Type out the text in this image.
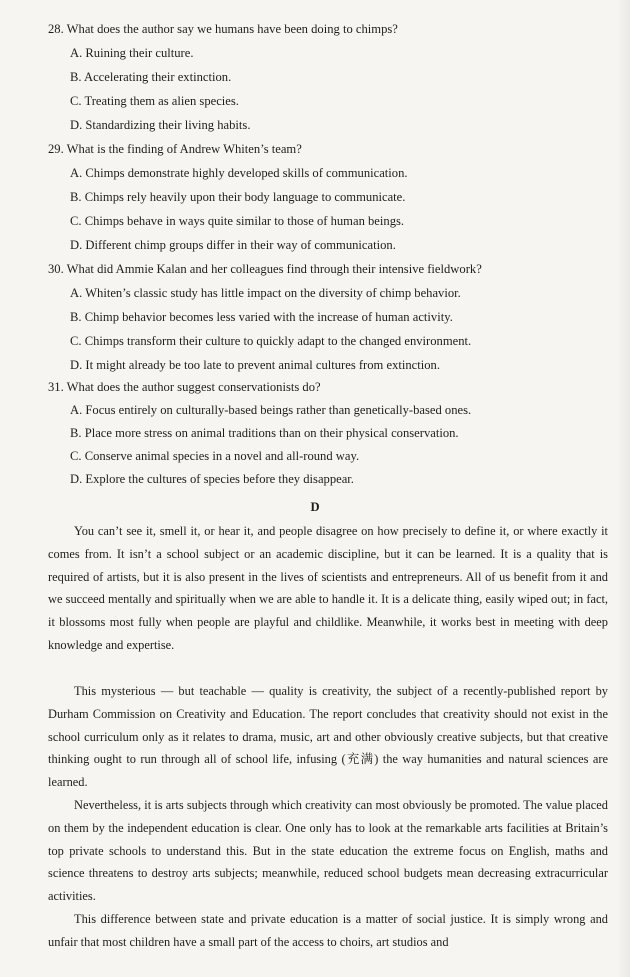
28. What does the author say we humans have been doing to chimps?
A. Ruining their culture.
B. Accelerating their extinction.
C. Treating them as alien species.
D. Standardizing their living habits.
29. What is the finding of Andrew Whiten’s team?
A. Chimps demonstrate highly developed skills of communication.
B. Chimps rely heavily upon their body language to communicate.
C. Chimps behave in ways quite similar to those of human beings.
D. Different chimp groups differ in their way of communication.
30. What did Ammie Kalan and her colleagues find through their intensive fieldwork?
A. Whiten’s classic study has little impact on the diversity of chimp behavior.
B. Chimp behavior becomes less varied with the increase of human activity.
C. Chimps transform their culture to quickly adapt to the changed environment.
D. It might already be too late to prevent animal cultures from extinction.
31. What does the author suggest conservationists do?
A. Focus entirely on culturally-based beings rather than genetically-based ones.
B. Place more stress on animal traditions than on their physical conservation.
C. Conserve animal species in a novel and all-round way.
D. Explore the cultures of species before they disappear.
D

You can’t see it, smell it, or hear it, and people disagree on how precisely to define it, or where exactly it comes from. It isn’t a school subject or an academic discipline, but it can be learned. It is a quality that is required of artists, but it is also present in the lives of scientists and entrepreneurs. All of us benefit from it and we succeed mentally and spiritually when we are able to handle it. It is a delicate thing, easily wiped out; in fact, it blossoms most fully when people are playful and childlike. Meanwhile, it works best in meeting with deep knowledge and expertise.

This mysterious — but teachable — quality is creativity, the subject of a recently-published report by Durham Commission on Creativity and Education. The report concludes that creativity should not exist in the school curriculum only as it relates to drama, music, art and other obviously creative subjects, but that creative thinking ought to run through all of school life, infusing (充满) the way humanities and natural sciences are learned.

Nevertheless, it is arts subjects through which creativity can most obviously be promoted. The value placed on them by the independent education is clear. One only has to look at the remarkable arts facilities at Britain’s top private schools to understand this. But in the state education the extreme focus on English, maths and science threatens to destroy arts subjects; meanwhile, reduced school budgets mean decreasing extracurricular activities.

This difference between state and private education is a matter of social justice. It is simply wrong and unfair that most children have a small part of the access to choirs, art studios and
